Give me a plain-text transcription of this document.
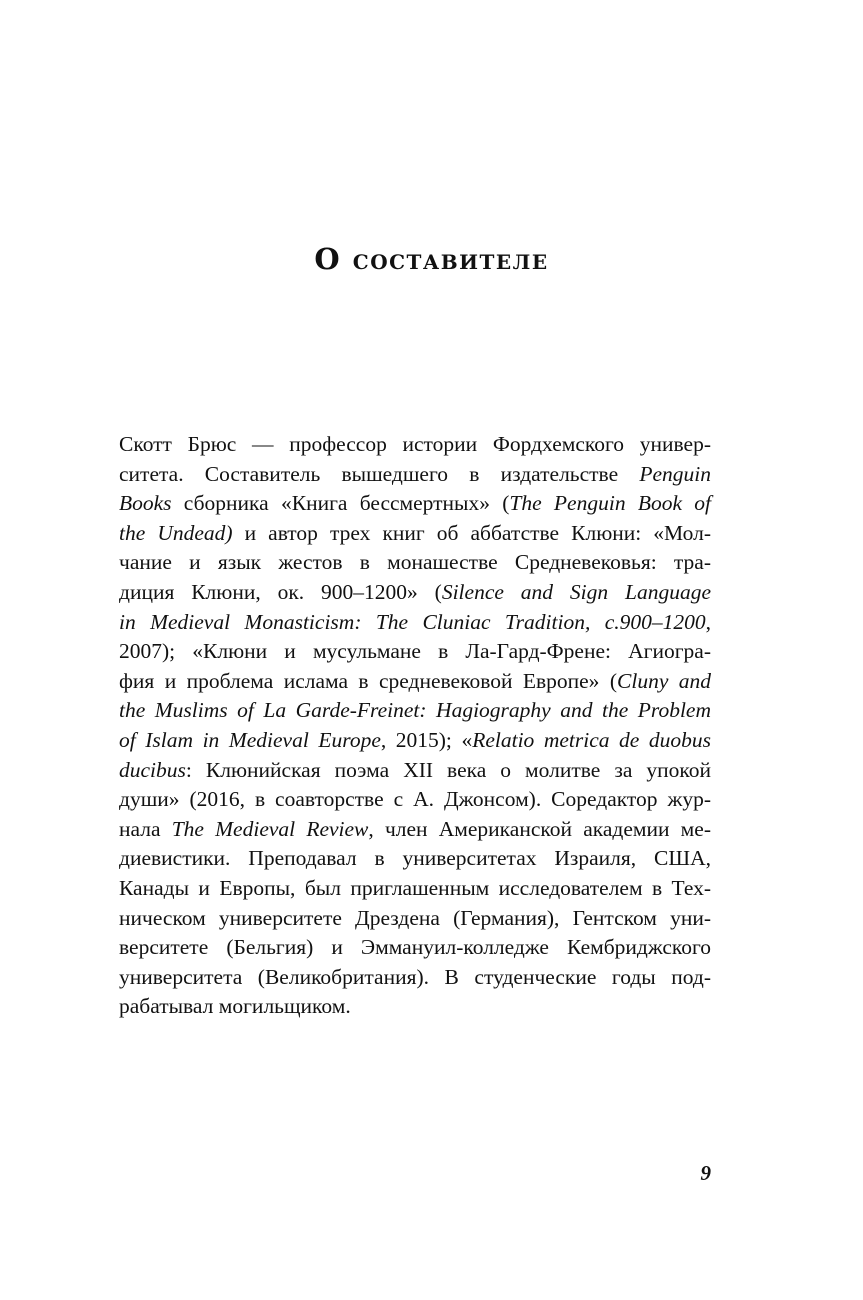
О составителе
Скотт Брюс — профессор истории Фордхемского универ-
ситета. Составитель вышедшего в издательстве Penguin
Books сборника «Книга бессмертных» (The Penguin Book of
the Undead) и автор трех книг об аббатстве Клюни: «Мол-
чание и язык жестов в монашестве Средневековья: тра-
диция Клюни, ок. 900–1200» (Silence and Sign Language
in Medieval Monasticism: The Cluniac Tradition, c.900–1200,
2007); «Клюни и мусульмане в Ла-Гард-Френе: Агиогра-
фия и проблема ислама в средневековой Европе» (Cluny and
the Muslims of La Garde-Freinet: Hagiography and the Problem
of Islam in Medieval Europe, 2015); «Relatio metrica de duobus
ducibus: Клюнийская поэма XII века о молитве за упокой
души» (2016, в соавторстве с А. Джонсом). Соредактор жур-
нала The Medieval Review, член Американской академии ме-
диевистики. Преподавал в университетах Израиля, США,
Канады и Европы, был приглашенным исследователем в Тех-
ническом университете Дрездена (Германия), Гентском уни-
верситете (Бельгия) и Эммануил-колледже Кембриджского
университета (Великобритания). В студенческие годы под-
рабатывал могильщиком.
9
